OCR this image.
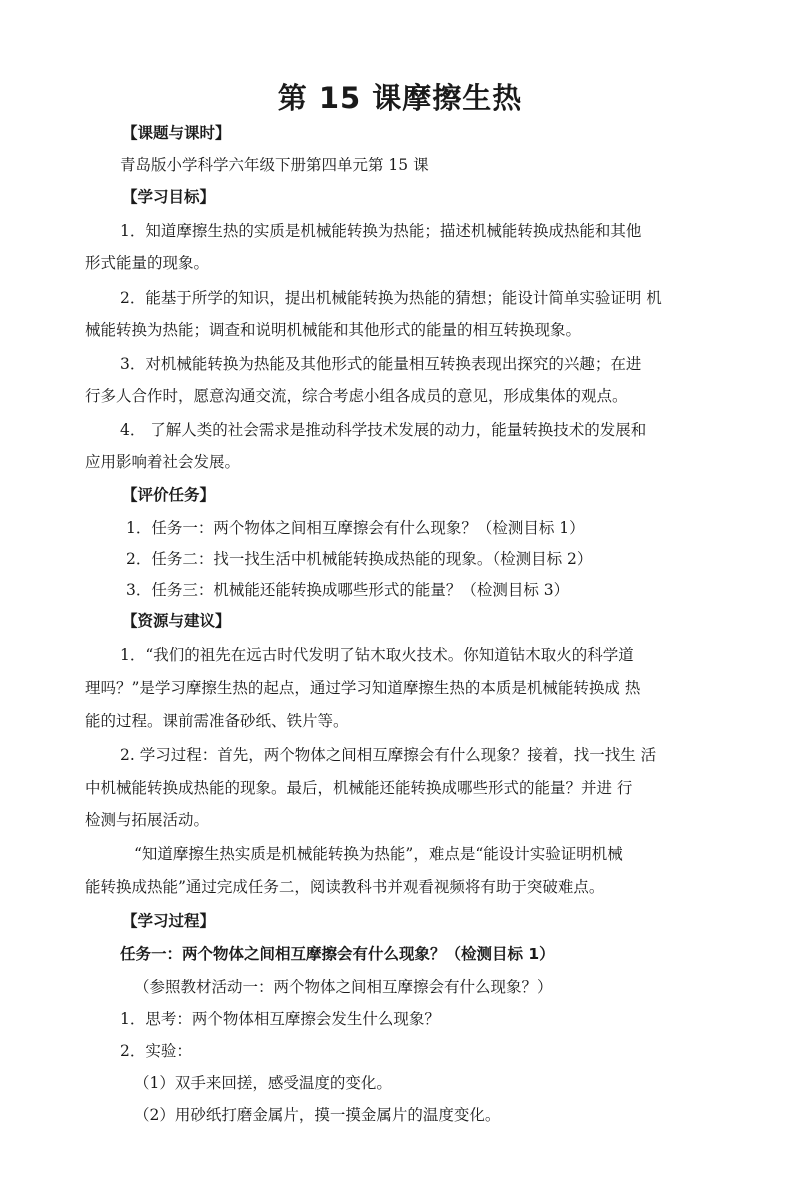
第 15 课摩擦生热

【课题与课时】

青岛版小学科学六年级下册第四单元第 15 课

【学习目标】

1．知道摩擦生热的实质是机械能转换为热能；描述机械能转换成热能和其他

形式能量的现象。

2．能基于所学的知识，提出机械能转换为热能的猜想；能设计简单实验证明 机

械能转换为热能；调查和说明机械能和其他形式的能量的相互转换现象。

3．对机械能转换为热能及其他形式的能量相互转换表现出探究的兴趣；在进

行多人合作时，愿意沟通交流，综合考虑小组各成员的意见，形成集体的观点。

4． 了解人类的社会需求是推动科学技术发展的动力，能量转换技术的发展和

应用影响着社会发展。

【评价任务】

1．任务一：两个物体之间相互摩擦会有什么现象？（检测目标 1）

2．任务二：找一找生活中机械能转换成热能的现象。（检测目标 2）

3．任务三：机械能还能转换成哪些形式的能量？（检测目标 3）

【资源与建议】

1．“我们的祖先在远古时代发明了钻木取火技术。你知道钻木取火的科学道

理吗？”是学习摩擦生热的起点，通过学习知道摩擦生热的本质是机械能转换成 热

能的过程。课前需准备砂纸、铁片等。

2. 学习过程：首先，两个物体之间相互摩擦会有什么现象？接着，找一找生 活

中机械能转换成热能的现象。最后，机械能还能转换成哪些形式的能量？并进 行

检测与拓展活动。

“知道摩擦生热实质是机械能转换为热能”，难点是“能设计实验证明机械

能转换成热能”通过完成任务二，阅读教科书并观看视频将有助于突破难点。

【学习过程】

任务一：两个物体之间相互摩擦会有什么现象？（检测目标 1）

（参照教材活动一：两个物体之间相互摩擦会有什么现象？）

1．思考：两个物体相互摩擦会发生什么现象？

2．实验：

（1）双手来回搓，感受温度的变化。

（2）用砂纸打磨金属片，摸一摸金属片的温度变化。
